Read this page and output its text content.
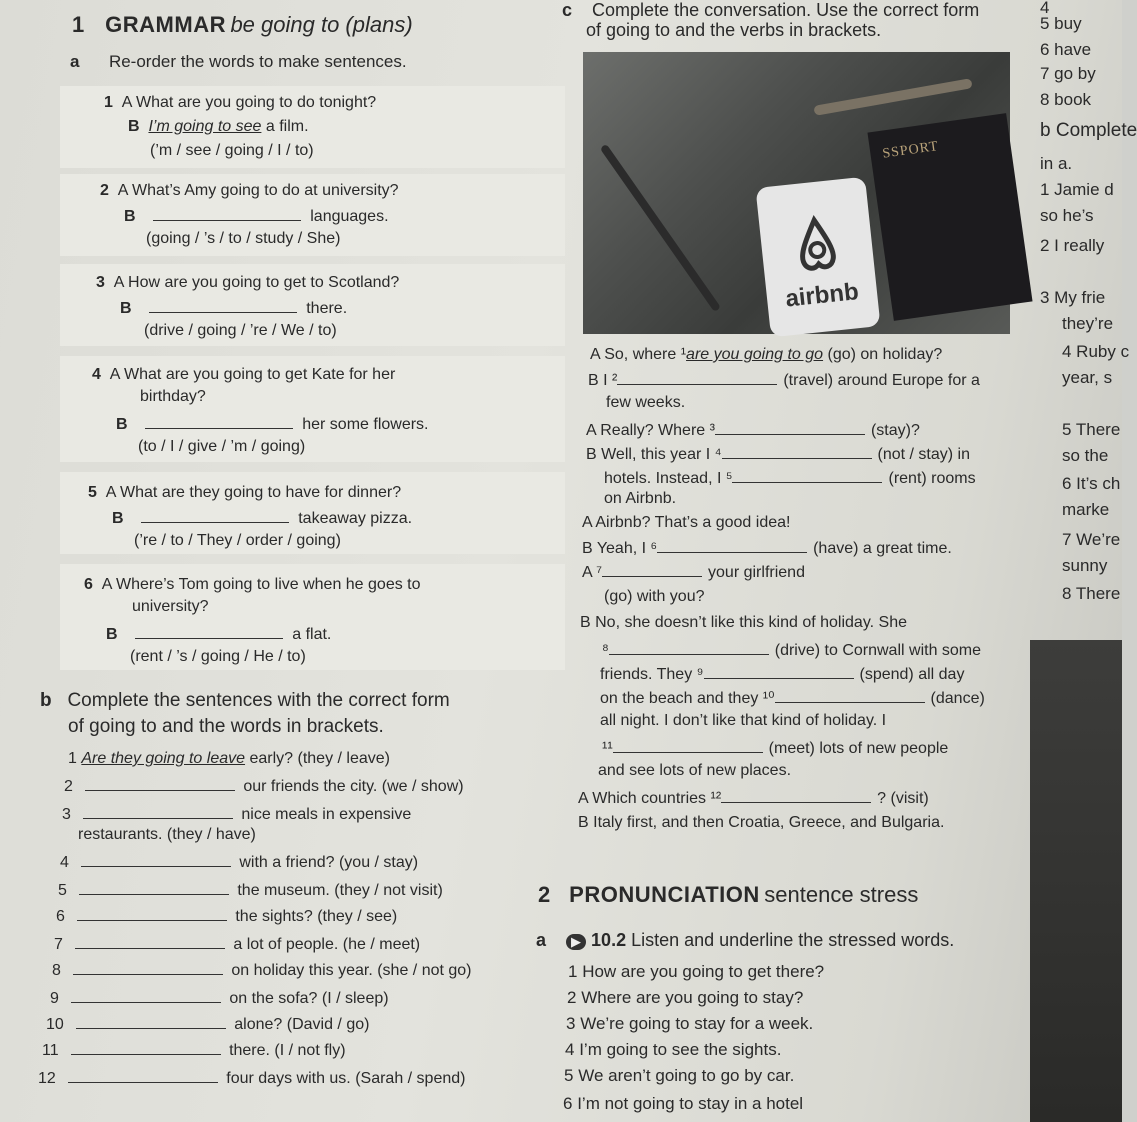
1 GRAMMAR be going to (plans)
a Re-order the words to make sentences.
1 A What are you going to do tonight?
B I’m going to see a film.
(’m / see / going / I / to)
2 A What’s Amy going to do at university?
B	languages.
(going / ’s / to / study / She)
3 A How are you going to get to Scotland?
B	there.
(drive / going / ’re / We / to)
4 A What are you going to get Kate for her
birthday?
B	her some flowers.
(to / I / give / ’m / going)
5 A What are they going to have for dinner?
B	takeaway pizza.
(’re / to / They / order / going)
6 A Where’s Tom going to live when he goes to
university?
B	a flat.
(rent / ’s / going / He / to)
b Complete the sentences with the correct form
of going to and the words in brackets.
1 Are they going to leave early? (they / leave)
2	our friends the city. (we / show)
3	nice meals in expensive
restaurants. (they / have)
4	with a friend? (you / stay)
5	the museum. (they / not visit)
6	the sights? (they / see)
7	a lot of people. (he / meet)
8	on holiday this year. (she / not go)
9	on the sofa? (I / sleep)
10	alone? (David / go)
11	there. (I / not fly)
12	four days with us. (Sarah / spend)
c Complete the conversation. Use the correct form
of going to and the verbs in brackets.
SSPORT
airbnb
A So, where ¹are you going to go (go) on holiday?
B I ²	(travel) around Europe for a
few weeks.
A Really? Where ³	(stay)?
B Well, this year I ⁴	(not / stay) in
hotels. Instead, I ⁵	(rent) rooms
on Airbnb.
A Airbnb? That’s a good idea!
B Yeah, I ⁶	(have) a great time.
A ⁷	your girlfriend
(go) with you?
B No, she doesn’t like this kind of holiday. She
⁸	(drive) to Cornwall with some
friends. They ⁹	(spend) all day
on the beach and they ¹⁰	(dance)
all night. I don’t like that kind of holiday. I
¹¹	(meet) lots of new people
and see lots of new places.
A Which countries ¹²	? (visit)
B Italy first, and then Croatia, Greece, and Bulgaria.
2 PRONUNCIATION sentence stress
a ▶ 10.2 Listen and underline the stressed words.
1 How are you going to get there?
2 Where are you going to stay?
3 We’re going to stay for a week.
4 I’m going to see the sights.
5 We aren’t going to go by car.
6 I’m not going to stay in a hotel
4
5 buy
6 have
7 go by
8 book
b Complete
in a.
1 Jamie d
so he’s
2 I really
3 My frie
they’re
4 Ruby c
year, s
5 There
so the
6 It’s ch
marke
7 We’re
sunny
8 There
